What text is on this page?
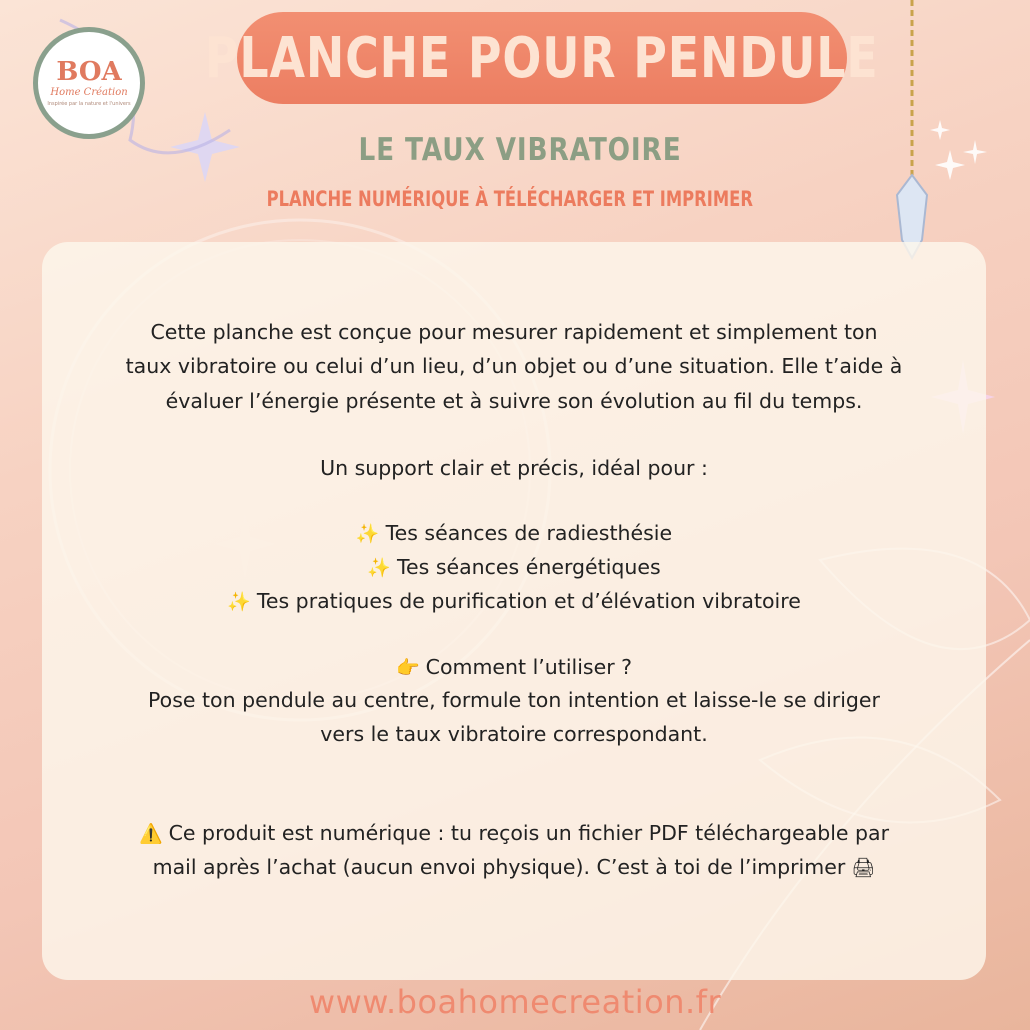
BOA
Home Création
Inspirée par la nature et l'univers
PLANCHE POUR PENDULE
LE TAUX VIBRATOIRE
PLANCHE NUMÉRIQUE À TÉLÉCHARGER ET IMPRIMER
Cette planche est conçue pour mesurer rapidement et simplement ton
taux vibratoire ou celui d’un lieu, d’un objet ou d’une situation. Elle t’aide à
évaluer l’énergie présente et à suivre son évolution au fil du temps.
Un support clair et précis, idéal pour :
✨ Tes séances de radiesthésie
✨ Tes séances énergétiques
✨ Tes pratiques de purification et d’élévation vibratoire
👉 Comment l’utiliser ?
Pose ton pendule au centre, formule ton intention et laisse-le se diriger
vers le taux vibratoire correspondant.
⚠️ Ce produit est numérique : tu reçois un fichier PDF téléchargeable par
mail après l’achat (aucun envoi physique). C’est à toi de l’imprimer 🖨
www.boahomecreation.fr
